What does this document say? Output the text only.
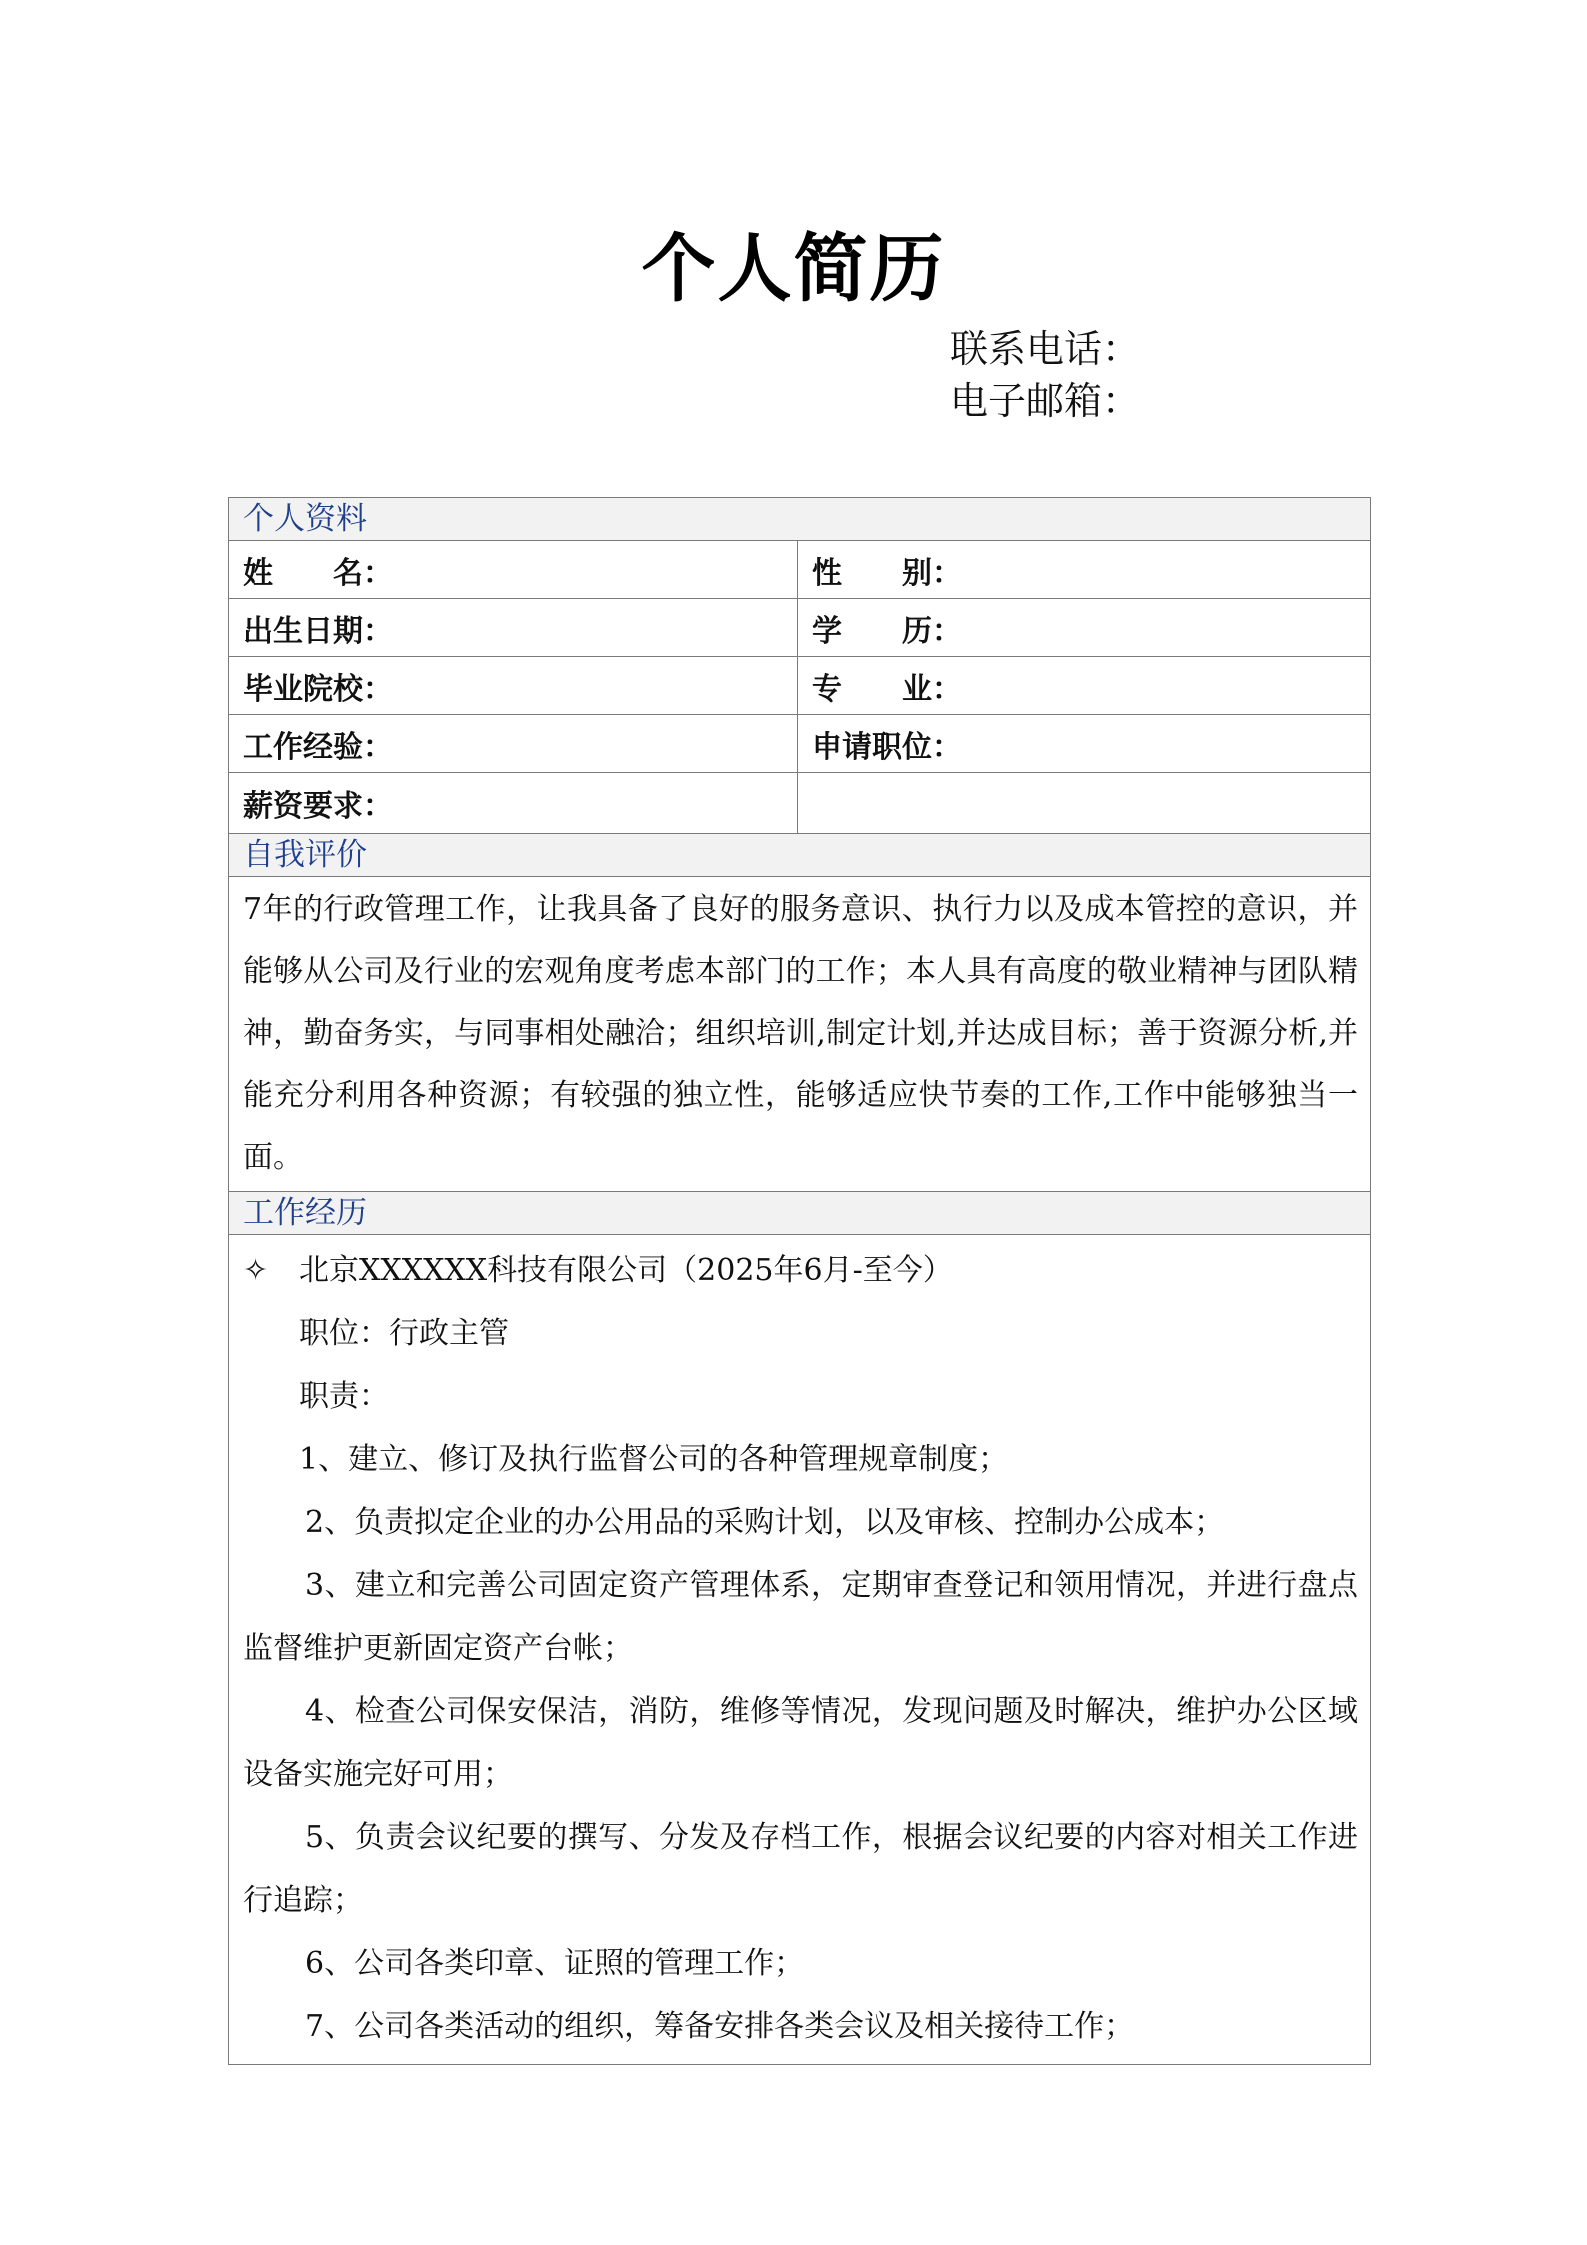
个人简历
联系电话：
电子邮箱：
个人资料
姓　　名：	性　　别：
出生日期：	学　　历：
毕业院校：	专　　业：
工作经验：	申请职位：
薪资要求：
自我评价
7年的行政管理工作，让我具备了良好的服务意识、执行力以及成本管控的意识，并能够从公司及行业的宏观角度考虑本部门的工作；本人具有高度的敬业精神与团队精神，勤奋务实，与同事相处融洽；组织培训,制定计划,并达成目标；善于资源分析,并能充分利用各种资源；有较强的独立性，能够适应快节奏的工作,工作中能够独当一面。
工作经历
✧ 北京XXXXXX科技有限公司（2025年6月-至今）
职位：行政主管
职责：
1、建立、修订及执行监督公司的各种管理规章制度；
2、负责拟定企业的办公用品的采购计划，以及审核、控制办公成本；
3、建立和完善公司固定资产管理体系，定期审查登记和领用情况，并进行盘点监督维护更新固定资产台帐；
4、检查公司保安保洁，消防，维修等情况，发现问题及时解决，维护办公区域设备实施完好可用；
5、负责会议纪要的撰写、分发及存档工作，根据会议纪要的内容对相关工作进行追踪；
6、公司各类印章、证照的管理工作；
7、公司各类活动的组织，筹备安排各类会议及相关接待工作；
